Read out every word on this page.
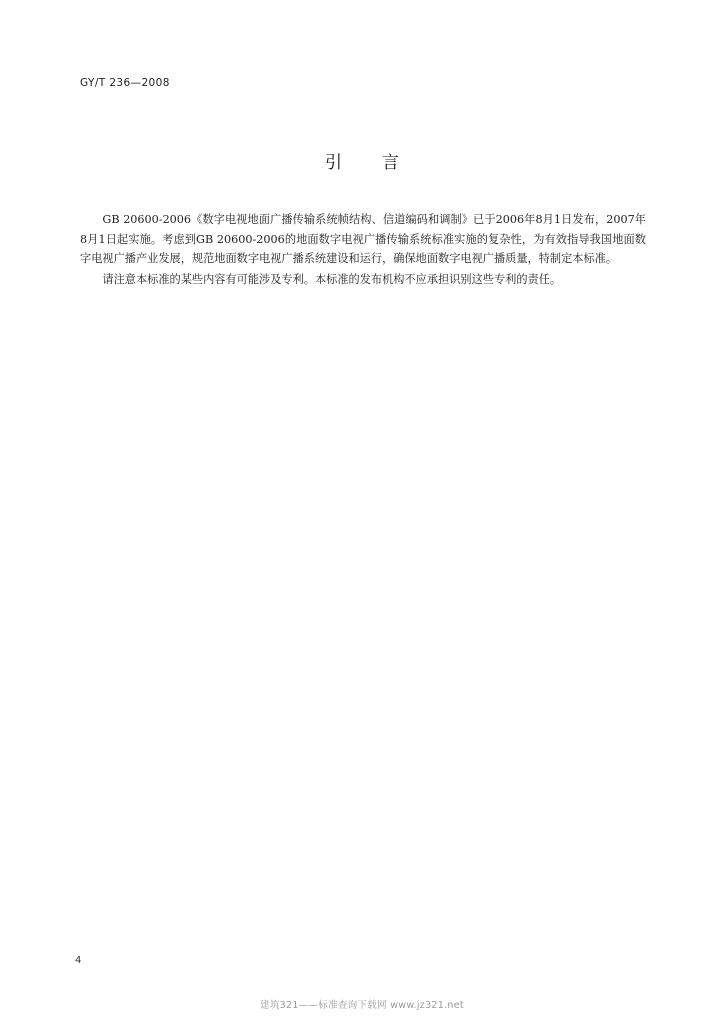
GY/T 236—2008
引 言

GB 20600-2006《数字电视地面广播传输系统帧结构、信道编码和调制》已于2006年8月1日发布，2007年8月1日起实施。考虑到GB 20600-2006的地面数字电视广播传输系统标准实施的复杂性，为有效指导我国地面数字电视广播产业发展，规范地面数字电视广播系统建设和运行，确保地面数字电视广播质量，特制定本标准。

请注意本标准的某些内容有可能涉及专利。本标准的发布机构不应承担识别这些专利的责任。

4
建筑321——标准查询下载网 www.jz321.net
